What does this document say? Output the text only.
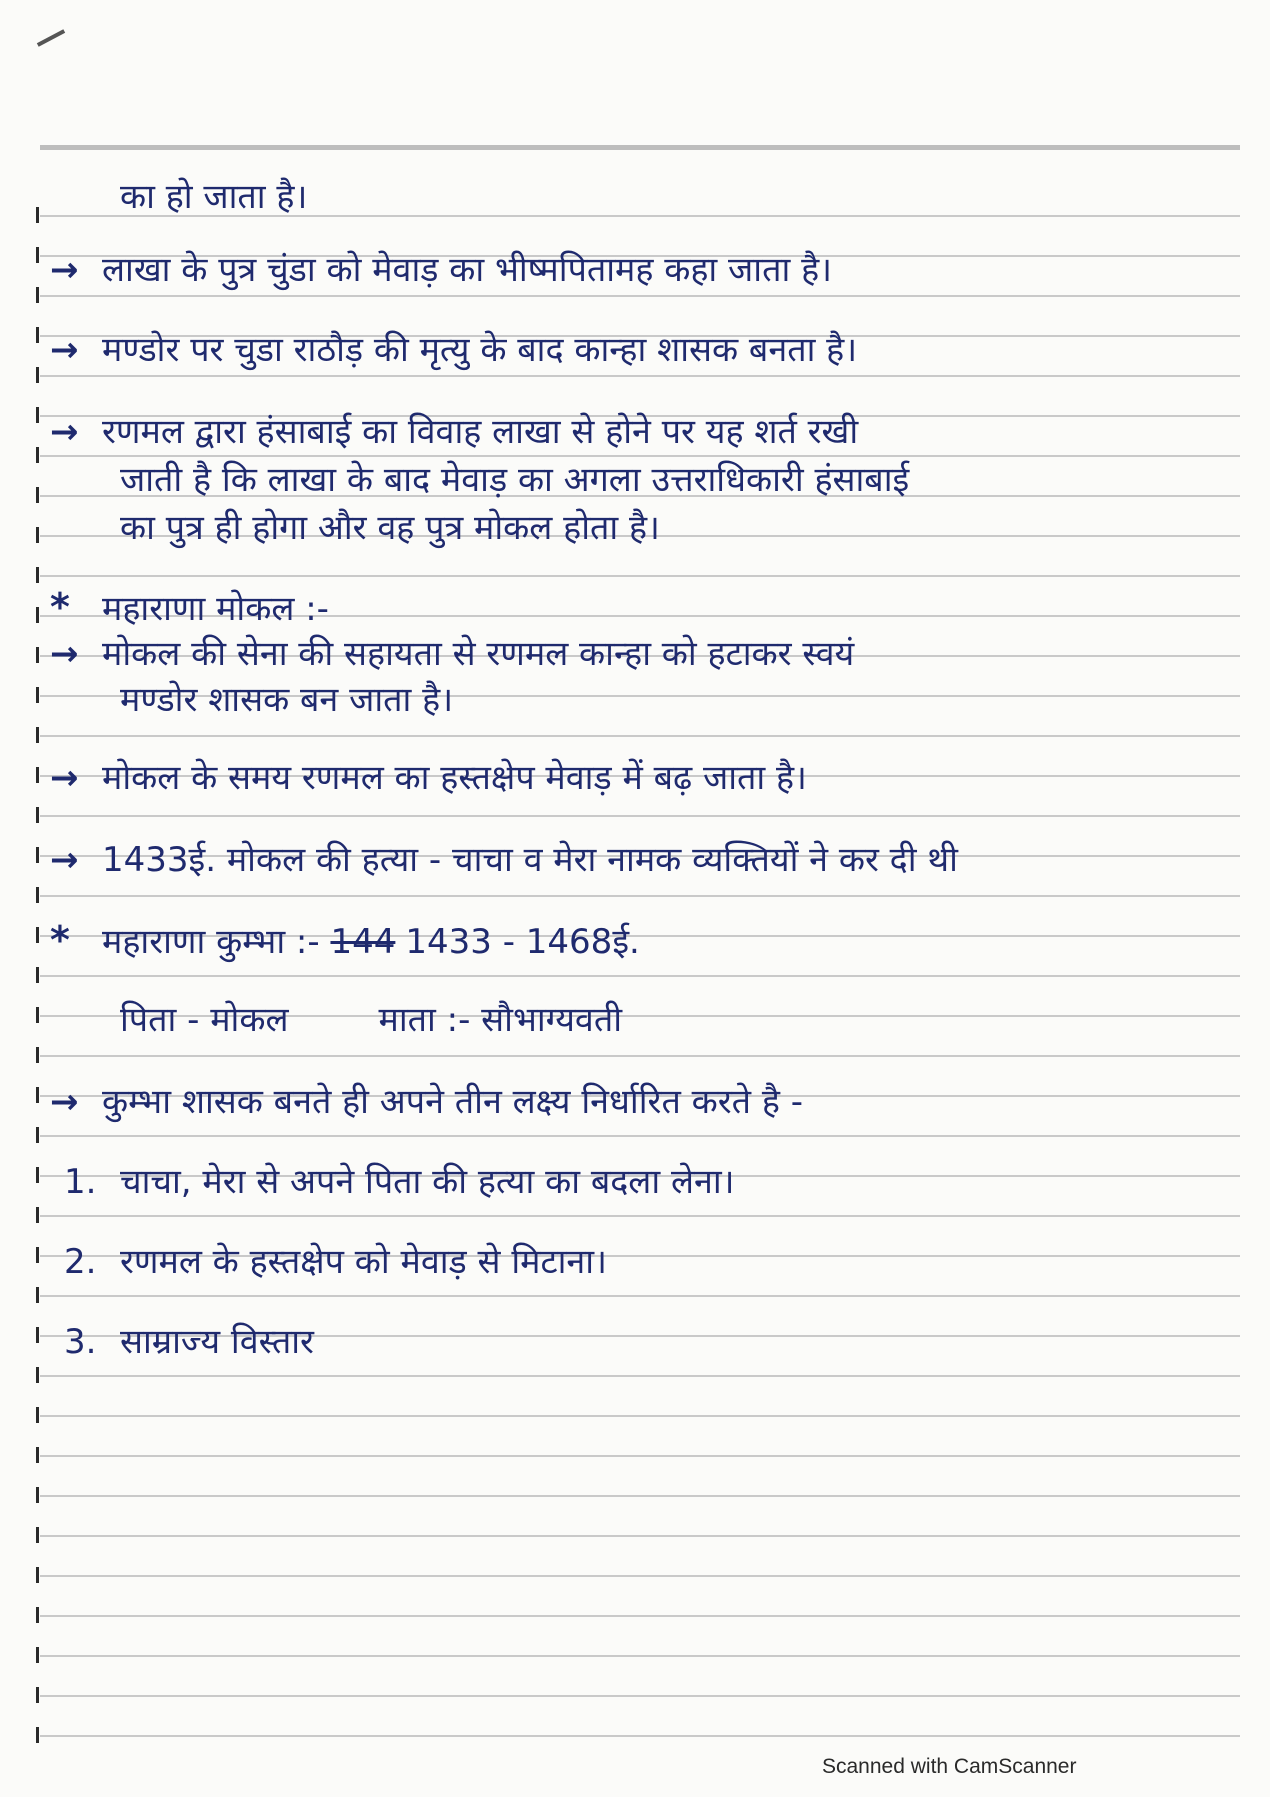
का हो जाता है।
→ लाखा के पुत्र चुंडा को मेवाड़ का भीष्मपितामह कहा जाता है।
→ मण्डोर पर चुडा राठौड़ की मृत्यु के बाद कान्हा शासक बनता है।
→ रणमल द्वारा हंसाबाई का विवाह लाखा से होने पर यह शर्त रखी
जाती है कि लाखा के बाद मेवाड़ का अगला उत्तराधिकारी हंसाबाई
का पुत्र ही होगा और वह पुत्र मोकल होता है।
* महाराणा मोकल :-
→ मोकल की सेना की सहायता से रणमल कान्हा को हटाकर स्वयं
मण्डोर शासक बन जाता है।
→ मोकल के समय रणमल का हस्तक्षेप मेवाड़ में बढ़ जाता है।
→ 1433ई. मोकल की हत्या - चाचा व मेरा नामक व्यक्तियों ने कर दी थी
* महाराणा कुम्भा :- 144 1433 - 1468ई.
पिता - मोकल	माता :- सौभाग्यवती
→ कुम्भा शासक बनते ही अपने तीन लक्ष्य निर्धारित करते है -
1. चाचा, मेरा से अपने पिता की हत्या का बदला लेना।
2. रणमल के हस्तक्षेप को मेवाड़ से मिटाना।
3. साम्राज्य विस्तार
Scanned with CamScanner
